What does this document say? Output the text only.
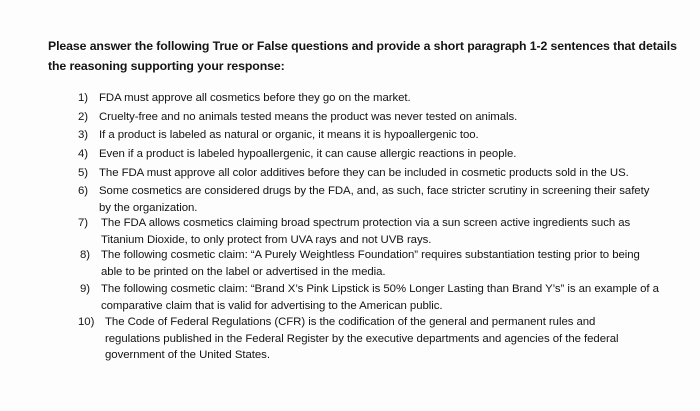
Please answer the following True or False questions and provide a short paragraph 1-2 sentences that details the reasoning supporting your response:
1) FDA must approve all cosmetics before they go on the market.
2) Cruelty-free and no animals tested means the product was never tested on animals.
3) If a product is labeled as natural or organic, it means it is hypoallergenic too.
4) Even if a product is labeled hypoallergenic, it can cause allergic reactions in people.
5) The FDA must approve all color additives before they can be included in cosmetic products sold in the US.
6) Some cosmetics are considered drugs by the FDA, and, as such, face stricter scrutiny in screening their safety by the organization.
7) The FDA allows cosmetics claiming broad spectrum protection via a sun screen active ingredients such as Titanium Dioxide, to only protect from UVA rays and not UVB rays.
8) The following cosmetic claim: “A Purely Weightless Foundation” requires substantiation testing prior to being able to be printed on the label or advertised in the media.
9) The following cosmetic claim: “Brand X’s Pink Lipstick is 50% Longer Lasting than Brand Y’s” is an example of a comparative claim that is valid for advertising to the American public.
10) The Code of Federal Regulations (CFR) is the codification of the general and permanent rules and regulations published in the Federal Register by the executive departments and agencies of the federal government of the United States.
